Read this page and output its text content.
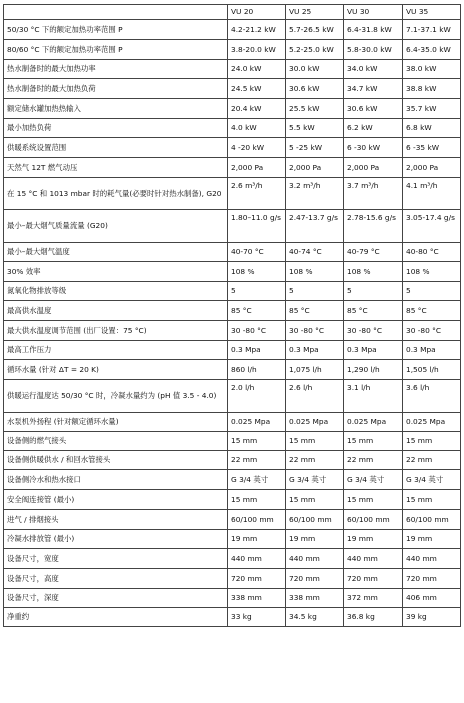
	VU 20	VU 25	VU 30	VU 35
50/30 °C 下的额定加热功率范围 P	4.2-21.2 kW	5.7-26.5 kW	6.4-31.8 kW	7.1-37.1 kW
80/60 °C 下的额定加热功率范围 P	3.8-20.0 kW	5.2-25.0 kW	5.8-30.0 kW	6.4-35.0 kW
热水制备时的最大加热功率	24.0 kW	30.0 kW	34.0 kW	38.0 kW
热水制备时的最大加热负荷	24.5 kW	30.6 kW	34.7 kW	38.8 kW
额定储水罐加热热输入	20.4 kW	25.5 kW	30.6 kW	35.7 kW
最小加热负荷	4.0 kW	5.5 kW	6.2 kW	6.8 kW
供暖系统设置范围	4 -20 kW	5 -25 kW	6 -30 kW	6 -35 kW
天然气 12T 燃气动压	2,000 Pa	2,000 Pa	2,000 Pa	2,000 Pa
在 15 °C 和 1013 mbar 时的耗气量(必要时针对热水制备), G20	2.6 m³/h	3.2 m³/h	3.7 m³/h	4.1 m³/h
最小–最大烟气质量流量 (G20)	1.80–11.0 g/s	2.47-13.7 g/s	2.78-15.6 g/s	3.05-17.4 g/s
最小–最大烟气温度	40-70 °C	40-74 °C	40-79 °C	40-80 °C
30% 效率	108 %	108 %	108 %	108 %
氮氧化物排放等级	5	5	5	5
最高供水温度	85 °C	85 °C	85 °C	85 °C
最大供水温度调节范围 (出厂设置：75 °C)	30 -80 °C	30 -80 °C	30 -80 °C	30 -80 °C
最高工作压力	0.3 Mpa	0.3 Mpa	0.3 Mpa	0.3 Mpa
循环水量 (针对 ΔT = 20 K)	860 l/h	1,075 l/h	1,290 l/h	1,505 l/h
供暖运行温度达 50/30 °C 时，冷凝水量约为 (pH 值 3.5 - 4.0)	2.0 l/h	2.6 l/h	3.1 l/h	3.6 l/h
水泵机外扬程 (针对额定循环水量)	0.025 Mpa	0.025 Mpa	0.025 Mpa	0.025 Mpa
设备侧的燃气接头	15 mm	15 mm	15 mm	15 mm
设备侧供暖供水 / 和回水管接头	22 mm	22 mm	22 mm	22 mm
设备侧冷水和热水接口	G 3/4 英寸	G 3/4 英寸	G 3/4 英寸	G 3/4 英寸
安全阀连接管 (最小)	15 mm	15 mm	15 mm	15 mm
进气 / 排烟接头	60/100 mm	60/100 mm	60/100 mm	60/100 mm
冷凝水排放管 (最小)	19 mm	19 mm	19 mm	19 mm
设备尺寸，宽度	440 mm	440 mm	440 mm	440 mm
设备尺寸，高度	720 mm	720 mm	720 mm	720 mm
设备尺寸，深度	338 mm	338 mm	372 mm	406 mm
净重约	33 kg	34.5 kg	36.8 kg	39 kg
